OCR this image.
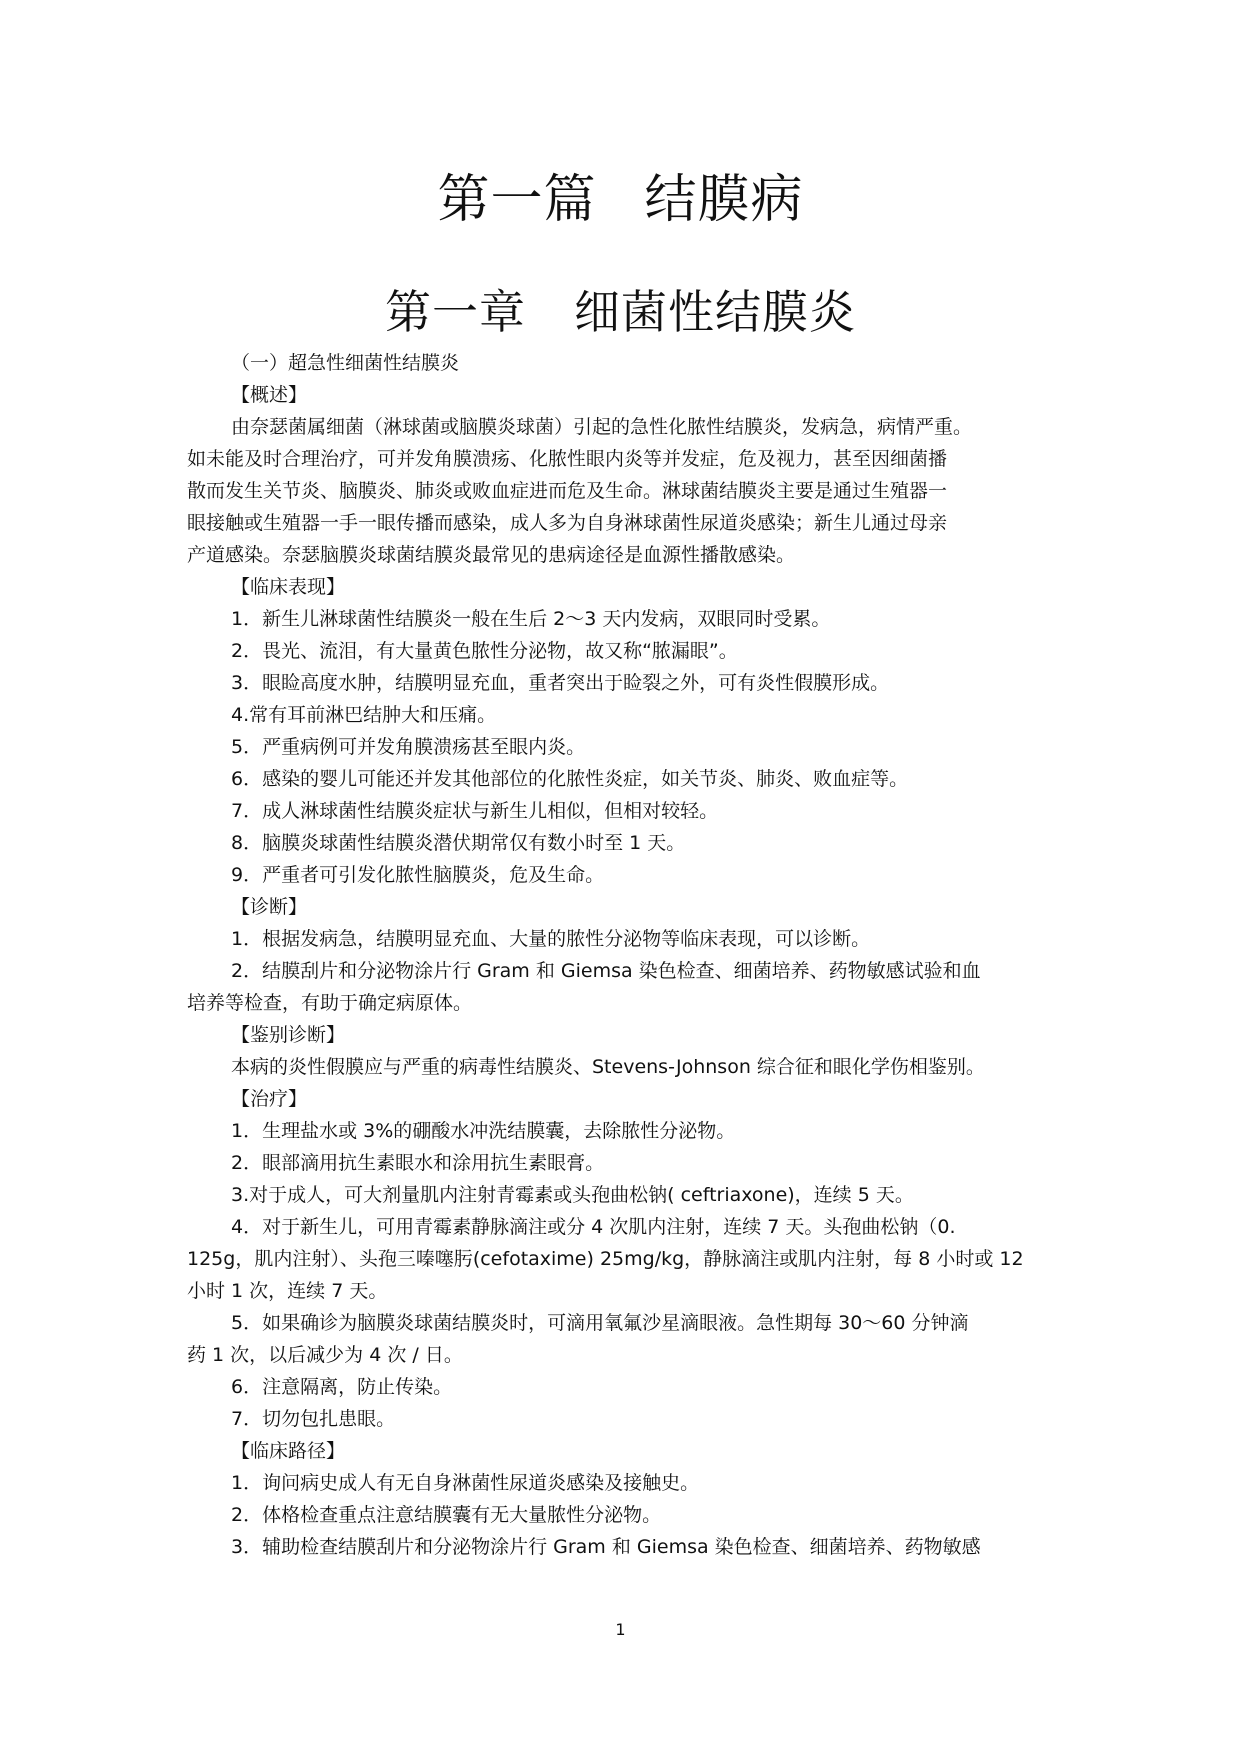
第一篇 结膜病
第一章 细菌性结膜炎

（一）超急性细菌性结膜炎

【概述】

由奈瑟菌属细菌（淋球菌或脑膜炎球菌）引起的急性化脓性结膜炎，发病急，病情严重。

如未能及时合理治疗，可并发角膜溃疡、化脓性眼内炎等并发症，危及视力，甚至因细菌播

散而发生关节炎、脑膜炎、肺炎或败血症进而危及生命。淋球菌结膜炎主要是通过生殖器一

眼接触或生殖器一手一眼传播而感染，成人多为自身淋球菌性尿道炎感染；新生儿通过母亲

产道感染。奈瑟脑膜炎球菌结膜炎最常见的患病途径是血源性播散感染。

【临床表现】

1．新生儿淋球菌性结膜炎一般在生后 2～3 天内发病，双眼同时受累。

2．畏光、流泪，有大量黄色脓性分泌物，故又称“脓漏眼”。

3．眼睑高度水肿，结膜明显充血，重者突出于睑裂之外，可有炎性假膜形成。

4.常有耳前淋巴结肿大和压痛。

5．严重病例可并发角膜溃疡甚至眼内炎。

6．感染的婴儿可能还并发其他部位的化脓性炎症，如关节炎、肺炎、败血症等。

7．成人淋球菌性结膜炎症状与新生儿相似，但相对较轻。

8．脑膜炎球菌性结膜炎潜伏期常仅有数小时至 1 天。

9．严重者可引发化脓性脑膜炎，危及生命。

【诊断】

1．根据发病急，结膜明显充血、大量的脓性分泌物等临床表现，可以诊断。

2．结膜刮片和分泌物涂片行 Gram 和 Giemsa 染色检查、细菌培养、药物敏感试验和血

培养等检查，有助于确定病原体。

【鉴别诊断】

本病的炎性假膜应与严重的病毒性结膜炎、Stevens-Johnson 综合征和眼化学伤相鉴别。

【治疗】

1．生理盐水或 3%的硼酸水冲洗结膜囊，去除脓性分泌物。

2．眼部滴用抗生素眼水和涂用抗生素眼膏。

3.对于成人，可大剂量肌内注射青霉素或头孢曲松钠( ceftriaxone)，连续 5 天。

4．对于新生儿，可用青霉素静脉滴注或分 4 次肌内注射，连续 7 天。头孢曲松钠（0.

125g，肌内注射）、头孢三嗪噻肟(cefotaxime) 25mg/kg，静脉滴注或肌内注射，每 8 小时或 12

小时 1 次，连续 7 天。

5．如果确诊为脑膜炎球菌结膜炎时，可滴用氧氟沙星滴眼液。急性期每 30～60 分钟滴

药 1 次，以后减少为 4 次 / 日。

6．注意隔离，防止传染。

7．切勿包扎患眼。

【临床路径】

1．询问病史成人有无自身淋菌性尿道炎感染及接触史。

2．体格检查重点注意结膜囊有无大量脓性分泌物。

3．辅助检查结膜刮片和分泌物涂片行 Gram 和 Giemsa 染色检查、细菌培养、药物敏感

1
